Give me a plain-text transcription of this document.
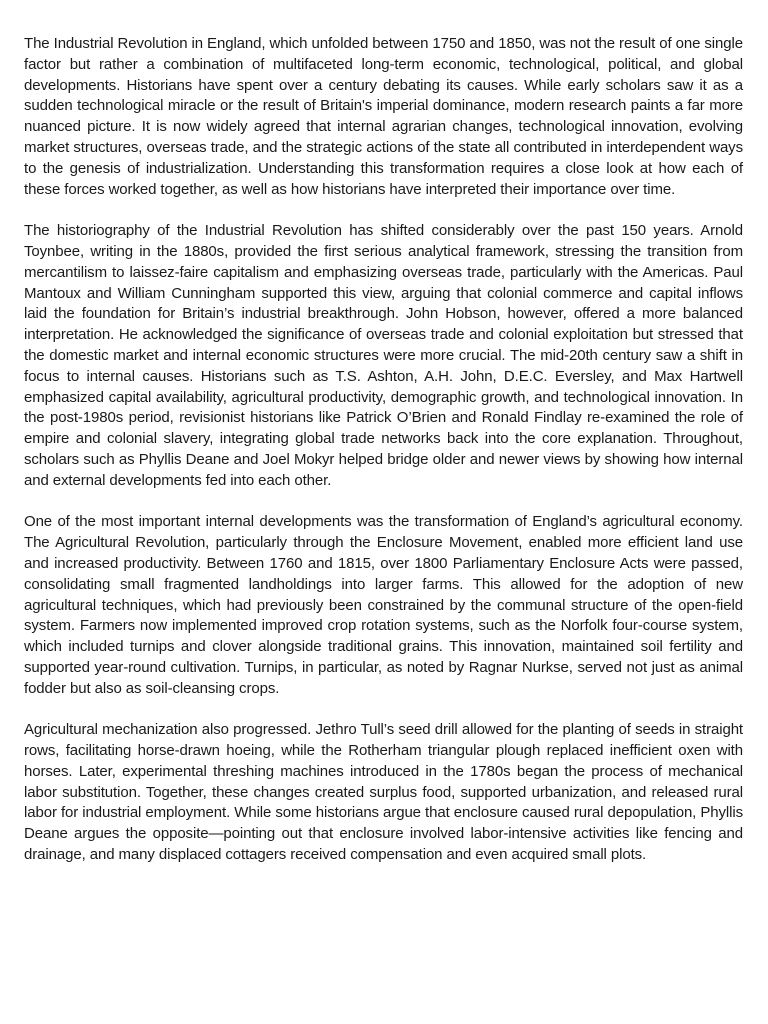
The Industrial Revolution in England, which unfolded between 1750 and 1850, was not the result of one single factor but rather a combination of multifaceted long-term economic, technological, political, and global developments. Historians have spent over a century debating its causes. While early scholars saw it as a sudden technological miracle or the result of Britain's imperial dominance, modern research paints a far more nuanced picture. It is now widely agreed that internal agrarian changes, technological innovation, evolving market structures, overseas trade, and the strategic actions of the state all contributed in interdependent ways to the genesis of industrialization. Understanding this transformation requires a close look at how each of these forces worked together, as well as how historians have interpreted their importance over time.

The historiography of the Industrial Revolution has shifted considerably over the past 150 years. Arnold Toynbee, writing in the 1880s, provided the first serious analytical framework, stressing the transition from mercantilism to laissez-faire capitalism and emphasizing overseas trade, particularly with the Americas. Paul Mantoux and William Cunningham supported this view, arguing that colonial commerce and capital inflows laid the foundation for Britain’s industrial breakthrough. John Hobson, however, offered a more balanced interpretation. He acknowledged the significance of overseas trade and colonial exploitation but stressed that the domestic market and internal economic structures were more crucial. The mid-20th century saw a shift in focus to internal causes. Historians such as T.S. Ashton, A.H. John, D.E.C. Eversley, and Max Hartwell emphasized capital availability, agricultural productivity, demographic growth, and technological innovation. In the post-1980s period, revisionist historians like Patrick O’Brien and Ronald Findlay re-examined the role of empire and colonial slavery, integrating global trade networks back into the core explanation. Throughout, scholars such as Phyllis Deane and Joel Mokyr helped bridge older and newer views by showing how internal and external developments fed into each other.

One of the most important internal developments was the transformation of England’s agricultural economy. The Agricultural Revolution, particularly through the Enclosure Movement, enabled more efficient land use and increased productivity. Between 1760 and 1815, over 1800 Parliamentary Enclosure Acts were passed, consolidating small fragmented landholdings into larger farms. This allowed for the adoption of new agricultural techniques, which had previously been constrained by the communal structure of the open-field system. Farmers now implemented improved crop rotation systems, such as the Norfolk four-course system, which included turnips and clover alongside traditional grains. This innovation, maintained soil fertility and supported year-round cultivation. Turnips, in particular, as noted by Ragnar Nurkse, served not just as animal fodder but also as soil-cleansing crops.

Agricultural mechanization also progressed. Jethro Tull’s seed drill allowed for the planting of seeds in straight rows, facilitating horse-drawn hoeing, while the Rotherham triangular plough replaced inefficient oxen with horses. Later, experimental threshing machines introduced in the 1780s began the process of mechanical labor substitution. Together, these changes created surplus food, supported urbanization, and released rural labor for industrial employment. While some historians argue that enclosure caused rural depopulation, Phyllis Deane argues the opposite—pointing out that enclosure involved labor-intensive activities like fencing and drainage, and many displaced cottagers received compensation and even acquired small plots.
